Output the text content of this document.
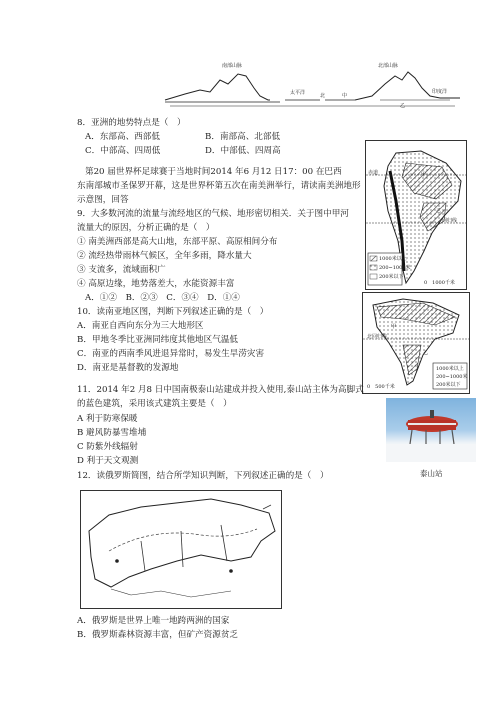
南部山脉
太平洋	北
北部山脉
中
乙
印度洋
8．亚洲的地势特点是（　）
A．东部高、西部低	B．南部高、北部低
C．中部高、四周低	D．中部低、四周高
赤道	甲
乙
回归线
1000米以上
200~1000米
200米以下
0　1000千米
第20 届世界杯足球赛于当地时间2014 年6 月12 日17：00 在巴西
东南部城市圣保罗开幕，这是世界杯第五次在南美洲举行，请读南美洲地形
示意图，回答
9．大多数河流的流量与流经地区的气候、地形密切相关．关于图中甲河
流量大的原因，分析正确的是（　）
① 南美洲西部是高大山地，东部平原、高原相间分布
② 流经热带雨林气候区，全年多雨，降水量大
③ 支流多，流域面积广
④ 高原边缘，地势落差大，水能资源丰富
A．①②　B．②③　C．③④　D．①④
甲
乙
北回归线
1000米以上
200~1000米
200米以下
0　500千米
10．读南亚地区图，判断下列叙述正确的是（　）
A．南亚自西向东分为三大地形区
B．甲地冬季比亚洲同纬度其他地区气温低
C．南亚的西南季风进退异常时，易发生旱涝灾害
D．南亚是基督教的发源地
11．2014 年2 月8 日中国南极泰山站建成并投入使用,泰山站主体为高脚式
的蓝色建筑，采用该式建筑主要是（　）
A 利于防寒保暖
B 避风防暴雪堆埔
C 防紫外线辐射
D 利于天文观测
泰山站
12．读俄罗斯简图，结合所学知识判断，下列叙述正确的是（　）
A．俄罗斯是世界上唯一地跨两洲的国家
B．俄罗斯森林资源丰富，但矿产资源贫乏
